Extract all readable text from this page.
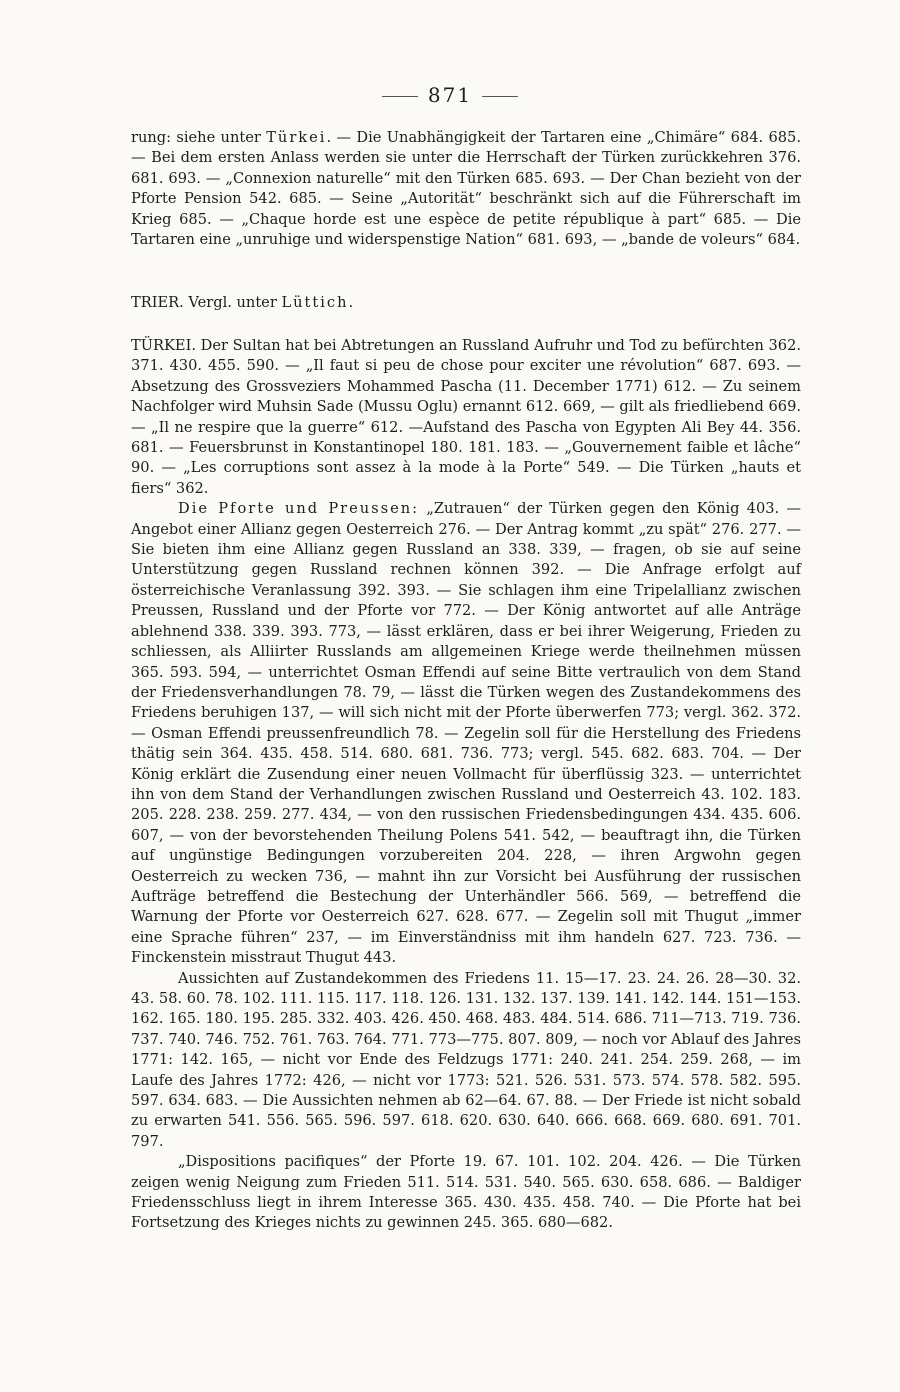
871

rung: siehe unter Türkei. — Die Unabhängigkeit der Tartaren eine „Chimäre“ 684. 685. — Bei dem ersten Anlass werden sie unter die Herrschaft der Türken zurückkehren 376. 681. 693. — „Connexion naturelle“ mit den Türken 685. 693. — Der Chan bezieht von der Pforte Pension 542. 685. — Seine „Autorität“ beschränkt sich auf die Führerschaft im Krieg 685. — „Chaque horde est une espèce de petite république à part“ 685. — Die Tartaren eine „unruhige und widerspenstige Nation“ 681. 693, — „bande de voleurs“ 684.

TRIER. Vergl. unter Lüttich.

TÜRKEI. Der Sultan hat bei Abtretungen an Russland Aufruhr und Tod zu befürchten 362. 371. 430. 455. 590. — „Il faut si peu de chose pour exciter une révolution“ 687. 693. — Absetzung des Grossveziers Mohammed Pascha (11. December 1771) 612. — Zu seinem Nachfolger wird Muhsin Sade (Mussu Oglu) ernannt 612. 669, — gilt als friedliebend 669. — „Il ne respire que la guerre“ 612. —Aufstand des Pascha von Egypten Ali Bey 44. 356. 681. — Feuersbrunst in Konstantinopel 180. 181. 183. — „Gouvernement faible et lâche“ 90. — „Les corruptions sont assez à la mode à la Porte“ 549. — Die Türken „hauts et fiers“ 362.

Die Pforte und Preussen: „Zutrauen“ der Türken gegen den König 403. — Angebot einer Allianz gegen Oesterreich 276. — Der Antrag kommt „zu spät“ 276. 277. — Sie bieten ihm eine Allianz gegen Russland an 338. 339, — fragen, ob sie auf seine Unterstützung gegen Russland rechnen können 392. — Die Anfrage erfolgt auf österreichische Veranlassung 392. 393. — Sie schlagen ihm eine Tripelallianz zwischen Preussen, Russland und der Pforte vor 772. — Der König antwortet auf alle Anträge ablehnend 338. 339. 393. 773, — lässt erklären, dass er bei ihrer Weigerung, Frieden zu schliessen, als Alliirter Russlands am allgemeinen Kriege werde theilnehmen müssen 365. 593. 594, — unterrichtet Osman Effendi auf seine Bitte vertraulich von dem Stand der Friedensverhandlungen 78. 79, — lässt die Türken wegen des Zustandekommens des Friedens beruhigen 137, — will sich nicht mit der Pforte überwerfen 773; vergl. 362. 372. — Osman Effendi preussenfreundlich 78. — Zegelin soll für die Herstellung des Friedens thätig sein 364. 435. 458. 514. 680. 681. 736. 773; vergl. 545. 682. 683. 704. — Der König erklärt die Zusendung einer neuen Vollmacht für überflüssig 323. — unterrichtet ihn von dem Stand der Verhandlungen zwischen Russland und Oesterreich 43. 102. 183. 205. 228. 238. 259. 277. 434, — von den russischen Friedensbedingungen 434. 435. 606. 607, — von der bevorstehenden Theilung Polens 541. 542, — beauftragt ihn, die Türken auf ungünstige Bedingungen vorzubereiten 204. 228, — ihren Argwohn gegen Oesterreich zu wecken 736, — mahnt ihn zur Vorsicht bei Ausführung der russischen Aufträge betreffend die Bestechung der Unterhändler 566. 569, — betreffend die Warnung der Pforte vor Oesterreich 627. 628. 677. — Zegelin soll mit Thugut „immer eine Sprache führen“ 237, — im Einverständniss mit ihm handeln 627. 723. 736. — Finckenstein misstraut Thugut 443.

Aussichten auf Zustandekommen des Friedens 11. 15—17. 23. 24. 26. 28—30. 32. 43. 58. 60. 78. 102. 111. 115. 117. 118. 126. 131. 132. 137. 139. 141. 142. 144. 151—153. 162. 165. 180. 195. 285. 332. 403. 426. 450. 468. 483. 484. 514. 686. 711—713. 719. 736. 737. 740. 746. 752. 761. 763. 764. 771. 773—775. 807. 809, — noch vor Ablauf des Jahres 1771: 142. 165, — nicht vor Ende des Feldzugs 1771: 240. 241. 254. 259. 268, — im Laufe des Jahres 1772: 426, — nicht vor 1773: 521. 526. 531. 573. 574. 578. 582. 595. 597. 634. 683. — Die Aussichten nehmen ab 62—64. 67. 88. — Der Friede ist nicht sobald zu erwarten 541. 556. 565. 596. 597. 618. 620. 630. 640. 666. 668. 669. 680. 691. 701. 797.

„Dispositions pacifiques“ der Pforte 19. 67. 101. 102. 204. 426. — Die Türken zeigen wenig Neigung zum Frieden 511. 514. 531. 540. 565. 630. 658. 686. — Baldiger Friedensschluss liegt in ihrem Interesse 365. 430. 435. 458. 740. — Die Pforte hat bei Fortsetzung des Krieges nichts zu gewinnen 245. 365. 680—682.
